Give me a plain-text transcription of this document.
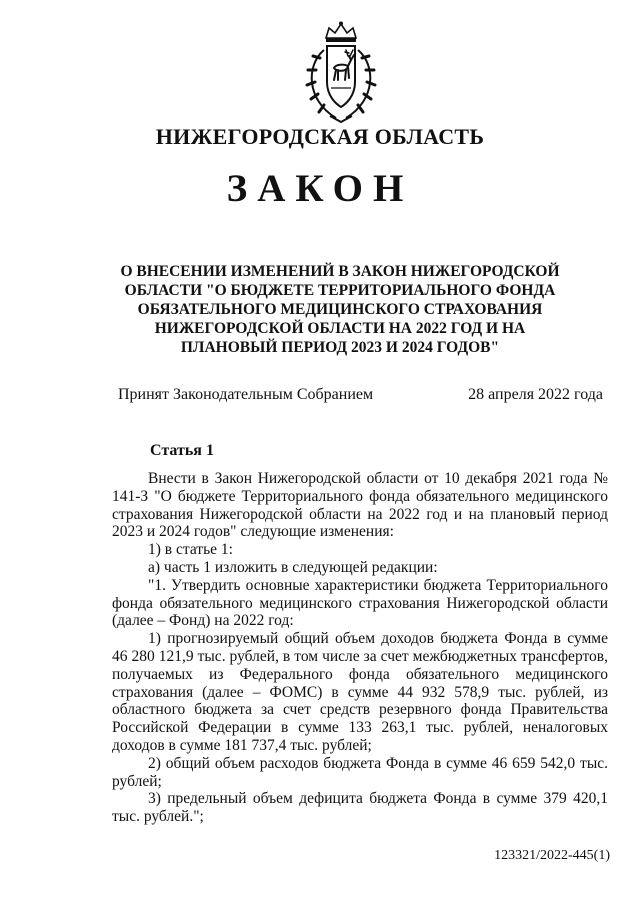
НИЖЕГОРОДСКАЯ ОБЛАСТЬ
ЗАКОН
О ВНЕСЕНИИ ИЗМЕНЕНИЙ В ЗАКОН НИЖЕГОРОДСКОЙ ОБЛАСТИ "О БЮДЖЕТЕ ТЕРРИТОРИАЛЬНОГО ФОНДА ОБЯЗАТЕЛЬНОГО МЕДИЦИНСКОГО СТРАХОВАНИЯ НИЖЕГОРОДСКОЙ ОБЛАСТИ НА 2022 ГОД И НА ПЛАНОВЫЙ ПЕРИОД 2023 И 2024 ГОДОВ"
Принят Законодательным Собранием	28 апреля 2022 года
Статья 1

Внести в Закон Нижегородской области от 10 декабря 2021 года № 141-З "О бюджете Территориального фонда обязательного медицинского страхования Нижегородской области на 2022 год и на плановый период 2023 и 2024 годов" следующие изменения:

1) в статье 1:

а) часть 1 изложить в следующей редакции:

"1. Утвердить основные характеристики бюджета Территориального фонда обязательного медицинского страхования Нижегородской области (далее – Фонд) на 2022 год:

1) прогнозируемый общий объем доходов бюджета Фонда в сумме 46 280 121,9 тыс. рублей, в том числе за счет межбюджетных трансфертов, получаемых из Федерального фонда обязательного медицинского страхования (далее – ФОМС) в сумме 44 932 578,9 тыс. рублей, из областного бюджета за счет средств резервного фонда Правительства Российской Федерации в сумме 133 263,1 тыс. рублей, неналоговых доходов в сумме 181 737,4 тыс. рублей;

2) общий объем расходов бюджета Фонда в сумме 46 659 542,0 тыс. рублей;

3) предельный объем дефицита бюджета Фонда в сумме 379 420,1 тыс. рублей.";

123321/2022-445(1)
